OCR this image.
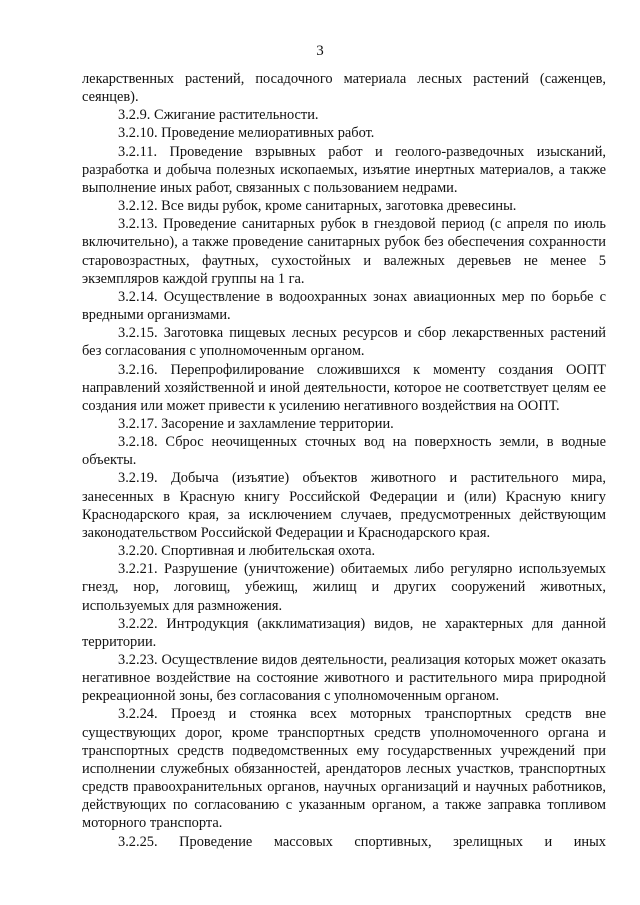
3

лекарственных растений, посадочного материала лесных растений (саженцев, сеянцев).

3.2.9. Сжигание растительности.

3.2.10. Проведение мелиоративных работ.

3.2.11. Проведение взрывных работ и геолого-разведочных изысканий, разработка и добыча полезных ископаемых, изъятие инертных материалов, а также выполнение иных работ, связанных с пользованием недрами.

3.2.12. Все виды рубок, кроме санитарных, заготовка древесины.

3.2.13. Проведение санитарных рубок в гнездовой период (с апреля по июль включительно), а также проведение санитарных рубок без обеспечения сохранности старовозрастных, фаутных, сухостойных и валежных деревьев не менее 5 экземпляров каждой группы на 1 га.

3.2.14. Осуществление в водоохранных зонах авиационных мер по борьбе с вредными организмами.

3.2.15. Заготовка пищевых лесных ресурсов и сбор лекарственных растений без согласования с уполномоченным органом.

3.2.16. Перепрофилирование сложившихся к моменту создания ООПТ направлений хозяйственной и иной деятельности, которое не соответствует целям ее создания или может привести к усилению негативного воздействия на ООПТ.

3.2.17. Засорение и захламление территории.

3.2.18. Сброс неочищенных сточных вод на поверхность земли, в водные объекты.

3.2.19. Добыча (изъятие) объектов животного и растительного мира, занесенных в Красную книгу Российской Федерации и (или) Красную книгу Краснодарского края, за исключением случаев, предусмотренных действующим законодательством Российской Федерации и Краснодарского края.

3.2.20. Спортивная и любительская охота.

3.2.21. Разрушение (уничтожение) обитаемых либо регулярно используемых гнезд, нор, логовищ, убежищ, жилищ и других сооружений животных, используемых для размножения.

3.2.22. Интродукция (акклиматизация) видов, не характерных для данной территории.

3.2.23. Осуществление видов деятельности, реализация которых может оказать негативное воздействие на состояние животного и растительного мира природной рекреационной зоны, без согласования с уполномоченным органом.

3.2.24. Проезд и стоянка всех моторных транспортных средств вне существующих дорог, кроме транспортных средств уполномоченного органа и транспортных средств подведомственных ему государственных учреждений при исполнении служебных обязанностей, арендаторов лесных участков, транспортных средств правоохранительных органов, научных организаций и научных работников, действующих по согласованию с указанным органом, а также заправка топливом моторного транспорта.

3.2.25. Проведение массовых спортивных, зрелищных и иных
